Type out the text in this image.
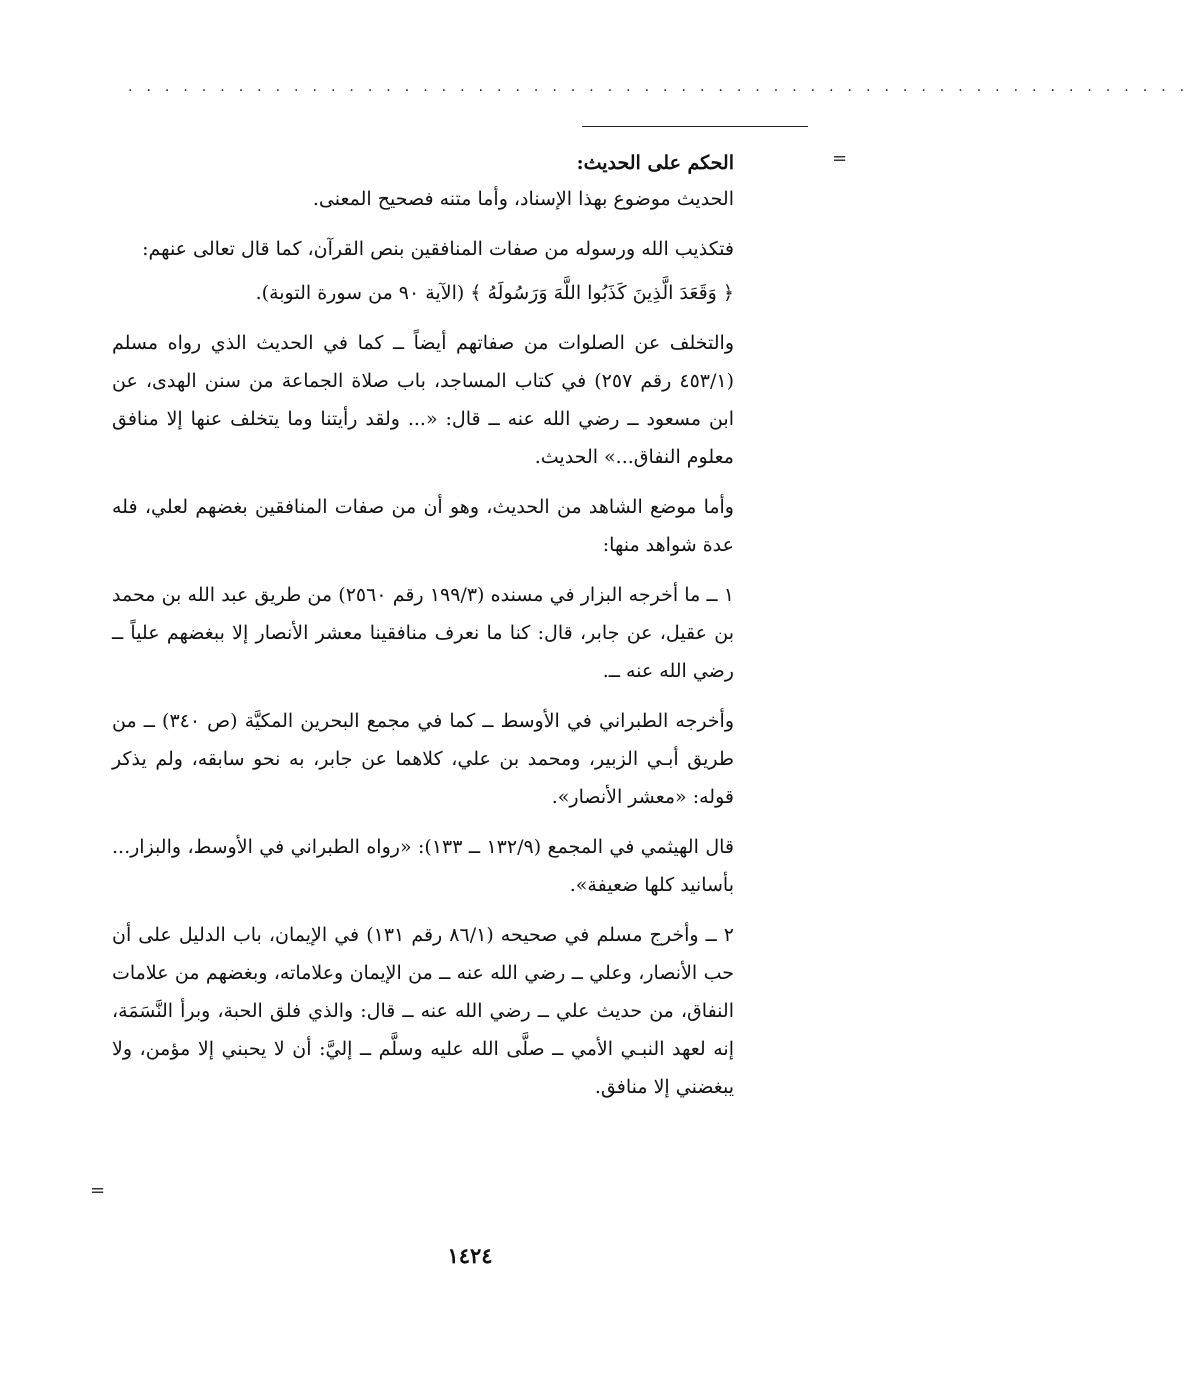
..........................................................
=
=

الحكم على الحديث:

الحديث موضوع بهذا الإسناد، وأما متنه فصحيح المعنى.

فتكذيب الله ورسوله من صفات المنافقين بنص القرآن، كما قال تعالى عنهم:

﴿ وَقَعَدَ الَّذِينَ كَذَبُوا اللَّهَ وَرَسُولَهُ ﴾ (الآية ٩٠ من سورة التوبة).

والتخلف عن الصلوات من صفاتهم أيضاً ــ كما في الحديث الذي رواه مسلم (٤٥٣/١ رقم ٢٥٧) في كتاب المساجد، باب صلاة الجماعة من سنن الهدى، عن ابن مسعود ــ رضي الله عنه ــ قال: «... ولقد رأيتنا وما يتخلف عنها إلا منافق معلوم النفاق...» الحديث.

وأما موضع الشاهد من الحديث، وهو أن من صفات المنافقين بغضهم لعلي، فله عدة شواهد منها:

١ ــ ما أخرجه البزار في مسنده (١٩٩/٣ رقم ٢٥٦٠) من طريق عبد الله بن محمد بن عقيل، عن جابر، قال: كنا ما نعرف منافقينا معشر الأنصار إلا ببغضهم علياً ــ رضي الله عنه ــ.

وأخرجه الطبراني في الأوسط ــ كما في مجمع البحرين المكيَّة (ص ٣٤٠) ــ من طريق أبـي الزبير، ومحمد بن علي، كلاهما عن جابر، به نحو سابقه، ولم يذكر قوله: «معشر الأنصار».

قال الهيثمي في المجمع (١٣٢/٩ ــ ١٣٣): «رواه الطبراني في الأوسط، والبزار... بأسانيد كلها ضعيفة».

٢ ــ وأخرج مسلم في صحيحه (٨٦/١ رقم ١٣١) في الإيمان، باب الدليل على أن حب الأنصار، وعلي ــ رضي الله عنه ــ من الإيمان وعلاماته، وبغضهم من علامات النفاق، من حديث علي ــ رضي الله عنه ــ قال: والذي فلق الحبة، وبرأ النَّسَمَة، إنه لعهد النبـي الأمي ــ صلَّى الله عليه وسلَّم ــ إليَّ: أن لا يحبني إلا مؤمن، ولا يبغضني إلا منافق.

١٤٢٤
